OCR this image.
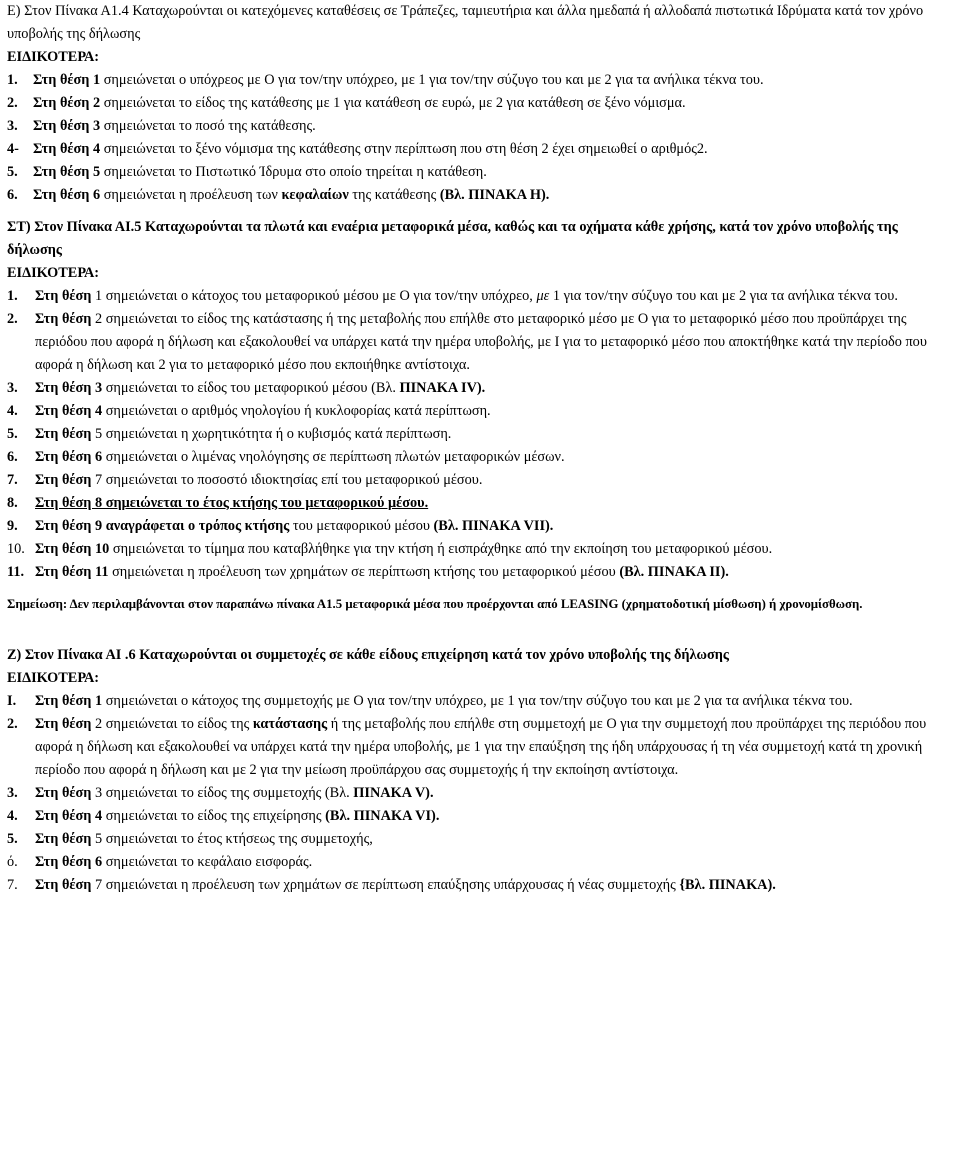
Ε) Στον Πίνακα Α1.4 Καταχωρούνται οι κατεχόμενες καταθέσεις σε Τράπεζες, ταμιευτήρια και άλλα ημεδαπά ή αλλοδαπά πιστωτικά Ιδρύματα κατά τον χρόνο υποβολής της δήλωσης
ΕΙΔΙΚΟΤΕΡΑ:
1.	Στη θέση 1 σημειώνεται ο υπόχρεος με Ο για τον/την υπόχρεο, με 1 για τον/την σύζυγο του και με 2 για τα ανήλικα τέκνα του.
2.	Στη θέση 2 σημειώνεται το είδος της κατάθεσης με 1 για κατάθεση σε ευρώ, με 2 για κατάθεση σε ξένο νόμισμα.
3.	Στη θέση 3 σημειώνεται το ποσό της κατάθεσης.
4- Στη θέση 4 σημειώνεται το ξένο νόμισμα της κατάθεσης στην περίπτωση που στη θέση 2 έχει σημειωθεί ο αριθμός2.
5.	Στη θέση 5 σημειώνεται το Πιστωτικό Ίδρυμα στο οποίο τηρείται η κατάθεση.
6.	Στη θέση 6 σημειώνεται η προέλευση των κεφαλαίων της κατάθεσης (Βλ. ΠΙΝΑΚΑ Η).
ΣΤ) Στον Πίνακα ΑΙ.5 Καταχωρούνται τα πλωτά και εναέρια μεταφορικά μέσα, καθώς και τα οχήματα κάθε χρήσης, κατά τον χρόνο υποβολής της δήλωσης
ΕΙΔΙΚΟΤΕΡΑ:
1.	Στη θέση 1 σημειώνεται ο κάτοχος του μεταφορικού μέσου με Ο για τον/την υπόχρεο, με 1 για τον/την σύζυγο του και με 2 για τα ανήλικα τέκνα του.
2.	Στη θέση 2 σημειώνεται το είδος της κατάστασης ή της μεταβολής που επήλθε στο μεταφορικό μέσο με Ο για το μεταφορικό μέσο που προϋπάρχει της περιόδου που αφορά η δήλωση και εξακολουθεί να υπάρχει κατά την ημέρα υποβολής, με I για το μεταφορικό μέσο που αποκτήθηκε κατά την περίοδο που αφορά η δήλωση και 2 για το μεταφορικό μέσο που εκποιήθηκε αντίστοιχα.
3.	Στη θέση 3 σημειώνεται το είδος του μεταφορικού μέσου (Βλ. ΠΙΝΑΚΑ IV).
4.	Στη θέση 4 σημειώνεται ο αριθμός νηολογίου ή κυκλοφορίας κατά περίπτωση.
5.	Στη θέση 5 σημειώνεται η χωρητικότητα ή ο κυβισμός κατά περίπτωση.
6.	Στη θέση 6 σημειώνεται ο λιμένας νηολόγησης σε περίπτωση πλωτών μεταφορικών μέσων.
7.	Στη θέση 7 σημειώνεται το ποσοστό ιδιοκτησίας επί του μεταφορικού μέσου.
8.	Στη θέση 8 σημειώνεται το έτος κτήσης του μεταφορικού μέσου.
9.	Στη θέση 9 αναγράφεται ο τρόπος κτήσης του μεταφορικού μέσου (Βλ. ΠΙΝΑΚΑ VII).
10. Στη θέση 10 σημειώνεται το τίμημα που καταβλήθηκε για την κτήση ή εισπράχθηκε από την εκποίηση του μεταφορικού μέσου.
11. Στη θέση 11 σημειώνεται η προέλευση των χρημάτων σε περίπτωση κτήσης του μεταφορικού μέσου (Βλ. ΠΙΝΑΚΑ II).
Σημείωση: Δεν περιλαμβάνονται στον παραπάνω πίνακα Α1.5 μεταφορικά μέσα που προέρχονται από LEASING (χρηματοδοτική μίσθωση) ή χρονομίσθωση.
Ζ) Στον Πίνακα ΑΙ .6 Καταχωρούνται οι συμμετοχές σε κάθε είδους επιχείρηση κατά τον χρόνο υποβολής της δήλωσης
ΕΙΔΙΚΟΤΕΡΑ:
I.	Στη θέση 1 σημειώνεται ο κάτοχος της συμμετοχής με Ο για τον/την υπόχρεο, με 1 για τον/την σύζυγο του και με 2 για τα ανήλικα τέκνα του.
2.	Στη θέση 2 σημειώνεται το είδος της κατάστασης ή της μεταβολής που επήλθε στη συμμετοχή με Ο για την συμμετοχή που προϋπάρχει της περιόδου που αφορά η δήλωση και εξακολουθεί να υπάρχει κατά την ημέρα υποβολής, με 1 για την επαύξηση της ήδη υπάρχουσας ή τη νέα συμμετοχή κατά τη χρονική περίοδο που αφορά η δήλωση και με 2 για την μείωση προϋπάρχου σας συμμετοχής ή την εκποίηση αντίστοιχα.
3.	Στη θέση 3 σημειώνεται το είδος της συμμετοχής (Βλ. ΠΙΝΑΚΑ V).
4.	Στη θέση 4 σημειώνεται το είδος της επιχείρησης (Βλ. ΠΙΝΑΚΑ VI).
5.	Στη θέση 5 σημειώνεται το έτος κτήσεως της συμμετοχής,
ό.	Στη θέση 6 σημειώνεται το κεφάλαιο εισφοράς.
7.	Στη θέση 7 σημειώνεται η προέλευση των χρημάτων σε περίπτωση επαύξησης υπάρχουσας ή νέας συμμετοχής {Βλ. ΠΙΝΑΚΑ).
